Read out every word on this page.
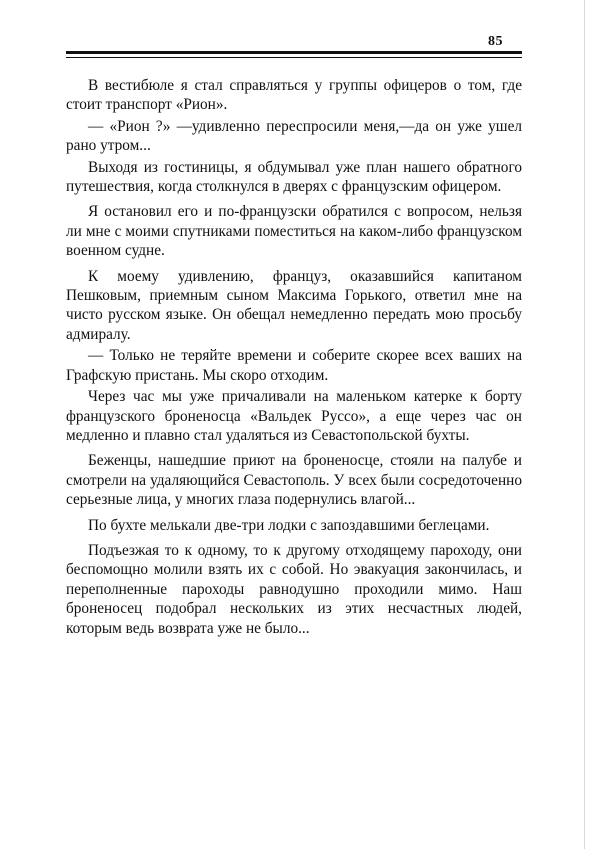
85

В вестибюле я стал справляться у группы офицеров о том, где стоит транспорт «Рион».

— «Рион ?» —удивленно переспросили меня,—да он уже ушел рано утром...

Выходя из гостиницы, я обдумывал уже план нашего обратного путешествия, когда столкнулся в дверях с французским офицером.

Я остановил его и по-французски обратился с вопросом, нельзя ли мне с моими спутниками поместиться на каком-либо французском военном судне.

К моему удивлению, француз, оказавшийся капитаном Пешковым, приемным сыном Максима Горького, ответил мне на чисто русском языке. Он обещал немедленно передать мою просьбу адмиралу.

— Только не теряйте времени и соберите скорее всех ваших на Графскую пристань. Мы скоро отходим.

Через час мы уже причаливали на маленьком катерке к борту французского броненосца «Вальдек Руссо», а еще через час он медленно и плавно стал удаляться из Севастопольской бухты.

Беженцы, нашедшие приют на броненосце, стояли на палубе и смотрели на удаляющийся Севастополь. У всех были сосредоточенно серьезные лица, у многих глаза подернулись влагой...

По бухте мелькали две-три лодки с запоздавшими беглецами.

Подъезжая то к одному, то к другому отходящему пароходу, они беспомощно молили взять их с собой. Но эвакуация закончилась, и переполненные пароходы равнодушно проходили мимо. Наш броненосец подобрал нескольких из этих несчастных людей, которым ведь возврата уже не было...
